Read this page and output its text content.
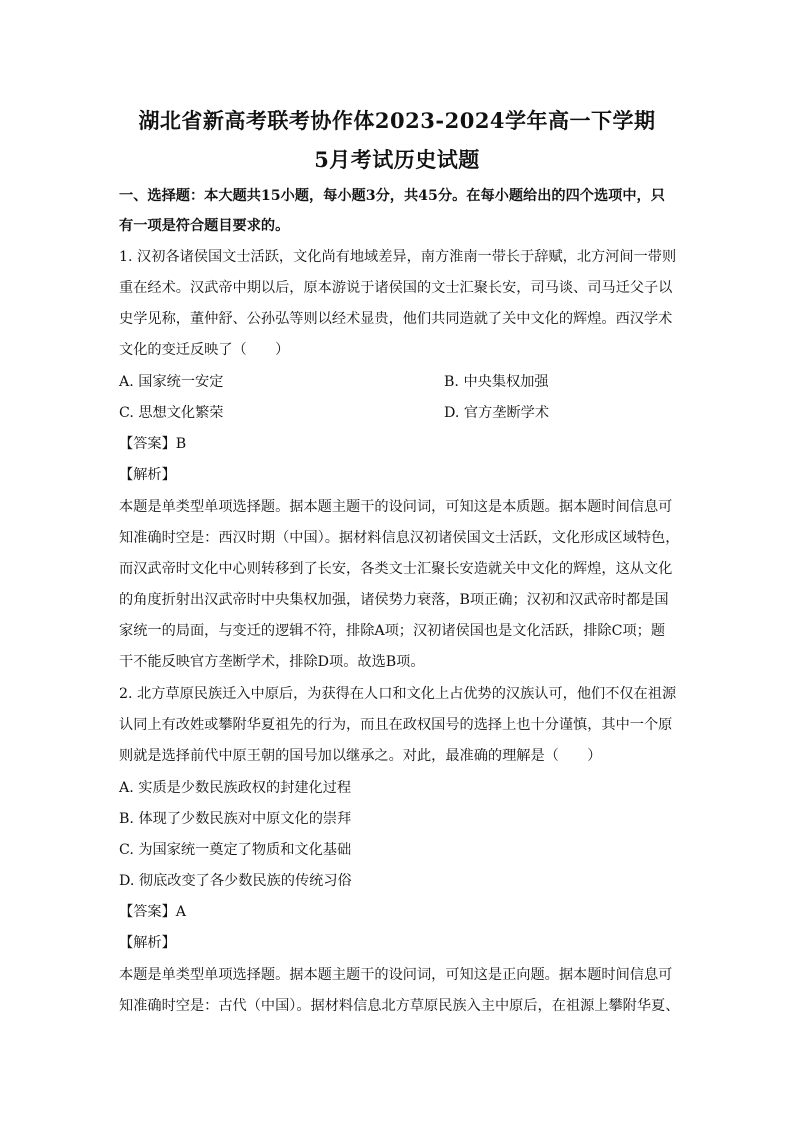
湖北省新高考联考协作体2023-2024学年高一下学期
5月考试历史试题
一、选择题：本大题共15小题，每小题3分，共45分。在每小题给出的四个选项中，只
有一项是符合题目要求的。
1. 汉初各诸侯国文士活跃，文化尚有地域差异，南方淮南一带长于辞赋，北方河间一带则
重在经术。汉武帝中期以后，原本游说于诸侯国的文士汇聚长安，司马谈、司马迁父子以
史学见称，董仲舒、公孙弘等则以经术显贵，他们共同造就了关中文化的辉煌。西汉学术
文化的变迁反映了（　　）
A. 国家统一安定	B. 中央集权加强
C. 思想文化繁荣	D. 官方垄断学术
【答案】B
【解析】
本题是单类型单项选择题。据本题主题干的设问词，可知这是本质题。据本题时间信息可
知准确时空是：西汉时期（中国）。据材料信息汉初诸侯国文士活跃，文化形成区域特色，
而汉武帝时文化中心则转移到了长安，各类文士汇聚长安造就关中文化的辉煌，这从文化
的角度折射出汉武帝时中央集权加强，诸侯势力衰落，B项正确；汉初和汉武帝时都是国
家统一的局面，与变迁的逻辑不符，排除A项；汉初诸侯国也是文化活跃，排除C项；题
干不能反映官方垄断学术，排除D项。故选B项。
2. 北方草原民族迁入中原后，为获得在人口和文化上占优势的汉族认可，他们不仅在祖源
认同上有改姓或攀附华夏祖先的行为，而且在政权国号的选择上也十分谨慎，其中一个原
则就是选择前代中原王朝的国号加以继承之。对此，最准确的理解是（　　）
A. 实质是少数民族政权的封建化过程
B. 体现了少数民族对中原文化的崇拜
C. 为国家统一奠定了物质和文化基础
D. 彻底改变了各少数民族的传统习俗
【答案】A
【解析】
本题是单类型单项选择题。据本题主题干的设问词，可知这是正向题。据本题时间信息可
知准确时空是：古代（中国）。据材料信息北方草原民族入主中原后，在祖源上攀附华夏、
